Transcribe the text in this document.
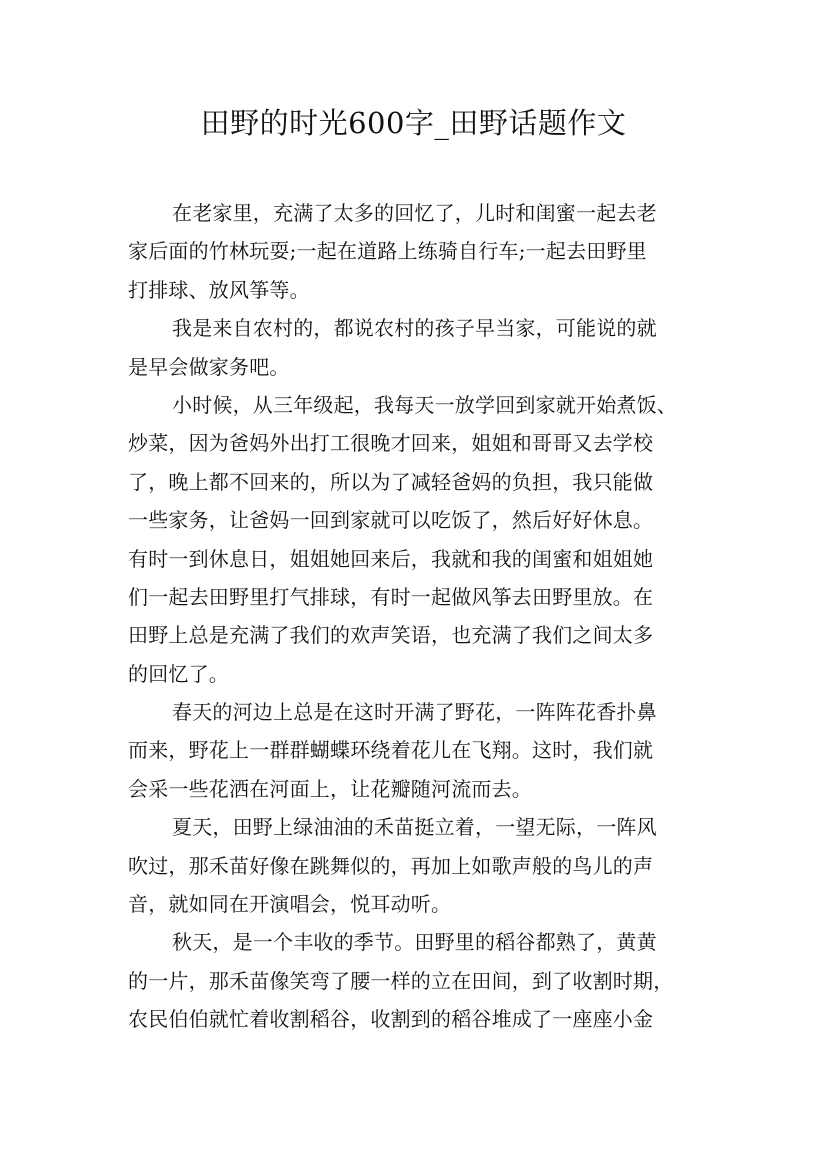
田野的时光600字_田野话题作文
在老家里，充满了太多的回忆了，儿时和闺蜜一起去老
家后面的竹林玩耍;一起在道路上练骑自行车;一起去田野里
打排球、放风筝等。
我是来自农村的，都说农村的孩子早当家，可能说的就
是早会做家务吧。
小时候，从三年级起，我每天一放学回到家就开始煮饭、
炒菜，因为爸妈外出打工很晚才回来，姐姐和哥哥又去学校
了，晚上都不回来的，所以为了减轻爸妈的负担，我只能做
一些家务，让爸妈一回到家就可以吃饭了，然后好好休息。
有时一到休息日，姐姐她回来后，我就和我的闺蜜和姐姐她
们一起去田野里打气排球，有时一起做风筝去田野里放。在
田野上总是充满了我们的欢声笑语，也充满了我们之间太多
的回忆了。
春天的河边上总是在这时开满了野花，一阵阵花香扑鼻
而来，野花上一群群蝴蝶环绕着花儿在飞翔。这时，我们就
会采一些花洒在河面上，让花瓣随河流而去。
夏天，田野上绿油油的禾苗挺立着，一望无际，一阵风
吹过，那禾苗好像在跳舞似的，再加上如歌声般的鸟儿的声
音，就如同在开演唱会，悦耳动听。
秋天，是一个丰收的季节。田野里的稻谷都熟了，黄黄
的一片，那禾苗像笑弯了腰一样的立在田间，到了收割时期，
农民伯伯就忙着收割稻谷，收割到的稻谷堆成了一座座小金
